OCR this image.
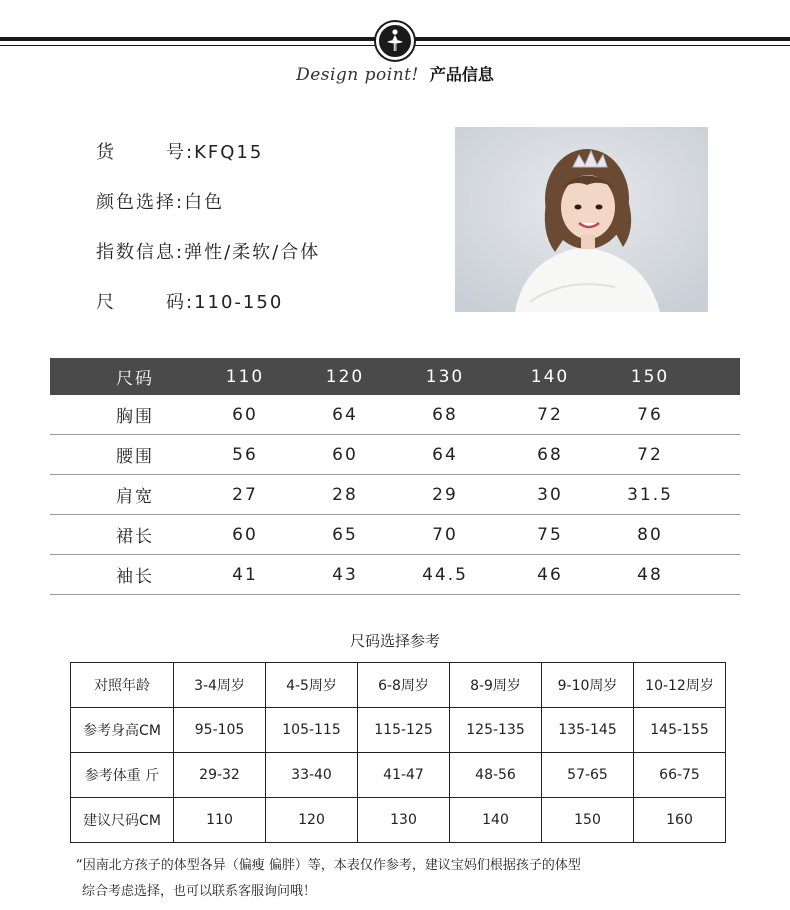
Design point! 产品信息
货	号:KFQ15
颜色选择:白色
指数信息:弹性/柔软/合体
尺	码:110-150
尺码	110	120	130	140	150
胸围	60	64	68	72	76
腰围	56	60	64	68	72
肩宽	27	28	29	30	31.5
裙长	60	65	70	75	80
袖长	41	43	44.5	46	48
尺码选择参考
对照年龄	3-4周岁	4-5周岁	6-8周岁	8-9周岁	9-10周岁	10-12周岁
参考身高CM	95-105	105-115	115-125	125-135	135-145	145-155
参考体重 斤	29-32	33-40	41-47	48-56	57-65	66-75
建议尺码CM	110	120	130	140	150	160
“因南北方孩子的体型各异（偏瘦 偏胖）等，本表仅作参考，建议宝妈们根据孩子的体型
综合考虑选择，也可以联系客服询问哦！
